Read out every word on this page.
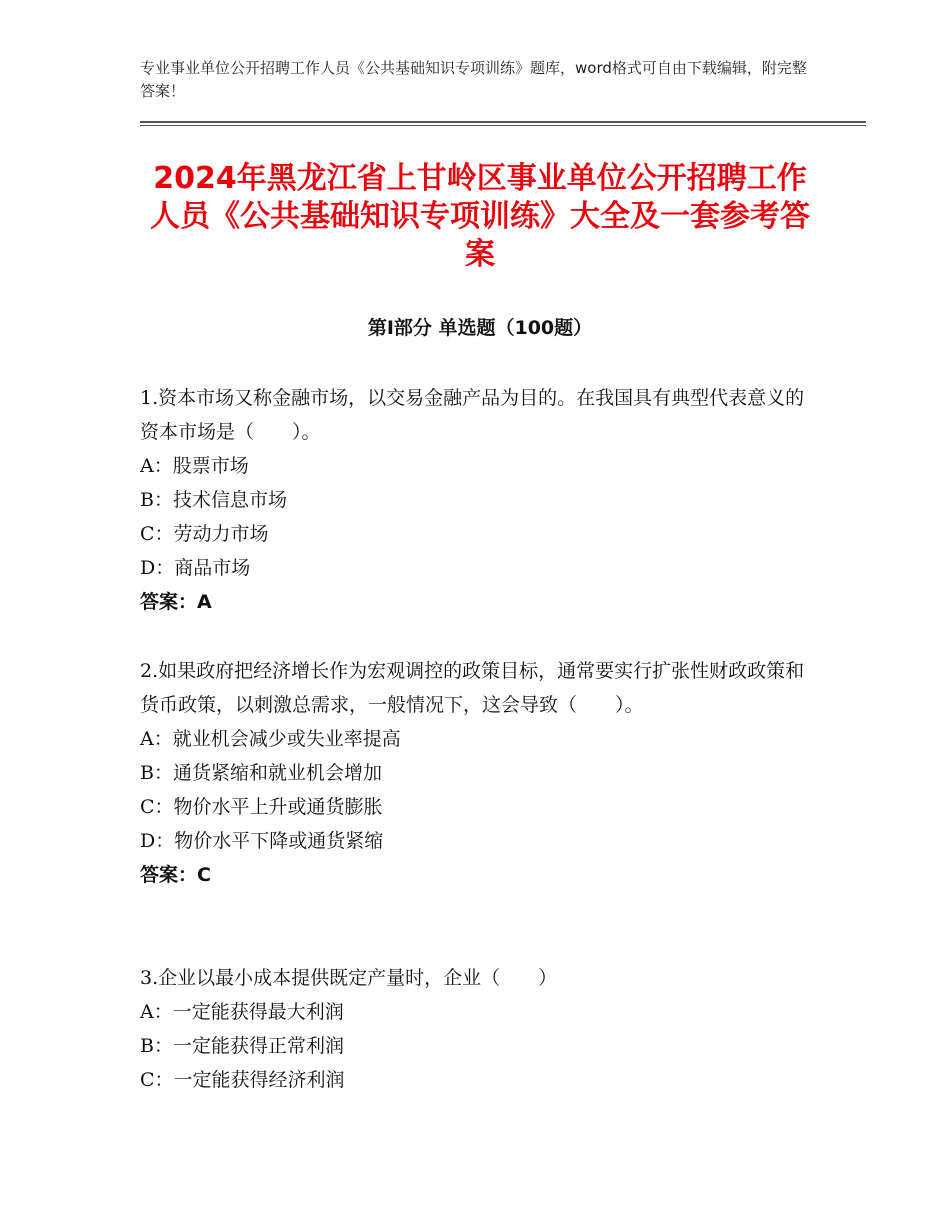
专业事业单位公开招聘工作人员《公共基础知识专项训练》题库，word格式可自由下载编辑，附完整答案！
2024年黑龙江省上甘岭区事业单位公开招聘工作人员《公共基础知识专项训练》大全及一套参考答案
第Ⅰ部分 单选题（100题）

1.资本市场又称金融市场，以交易金融产品为目的。在我国具有典型代表意义的资本市场是（　　）。

A：股票市场

B：技术信息市场

C：劳动力市场

D：商品市场

答案：A

2.如果政府把经济增长作为宏观调控的政策目标，通常要实行扩张性财政政策和货币政策，以刺激总需求，一般情况下，这会导致（　　）。

A：就业机会减少或失业率提高

B：通货紧缩和就业机会增加

C：物价水平上升或通货膨胀

D：物价水平下降或通货紧缩

答案：C

3.企业以最小成本提供既定产量时，企业（　　）

A：一定能获得最大利润

B：一定能获得正常利润

C：一定能获得经济利润
